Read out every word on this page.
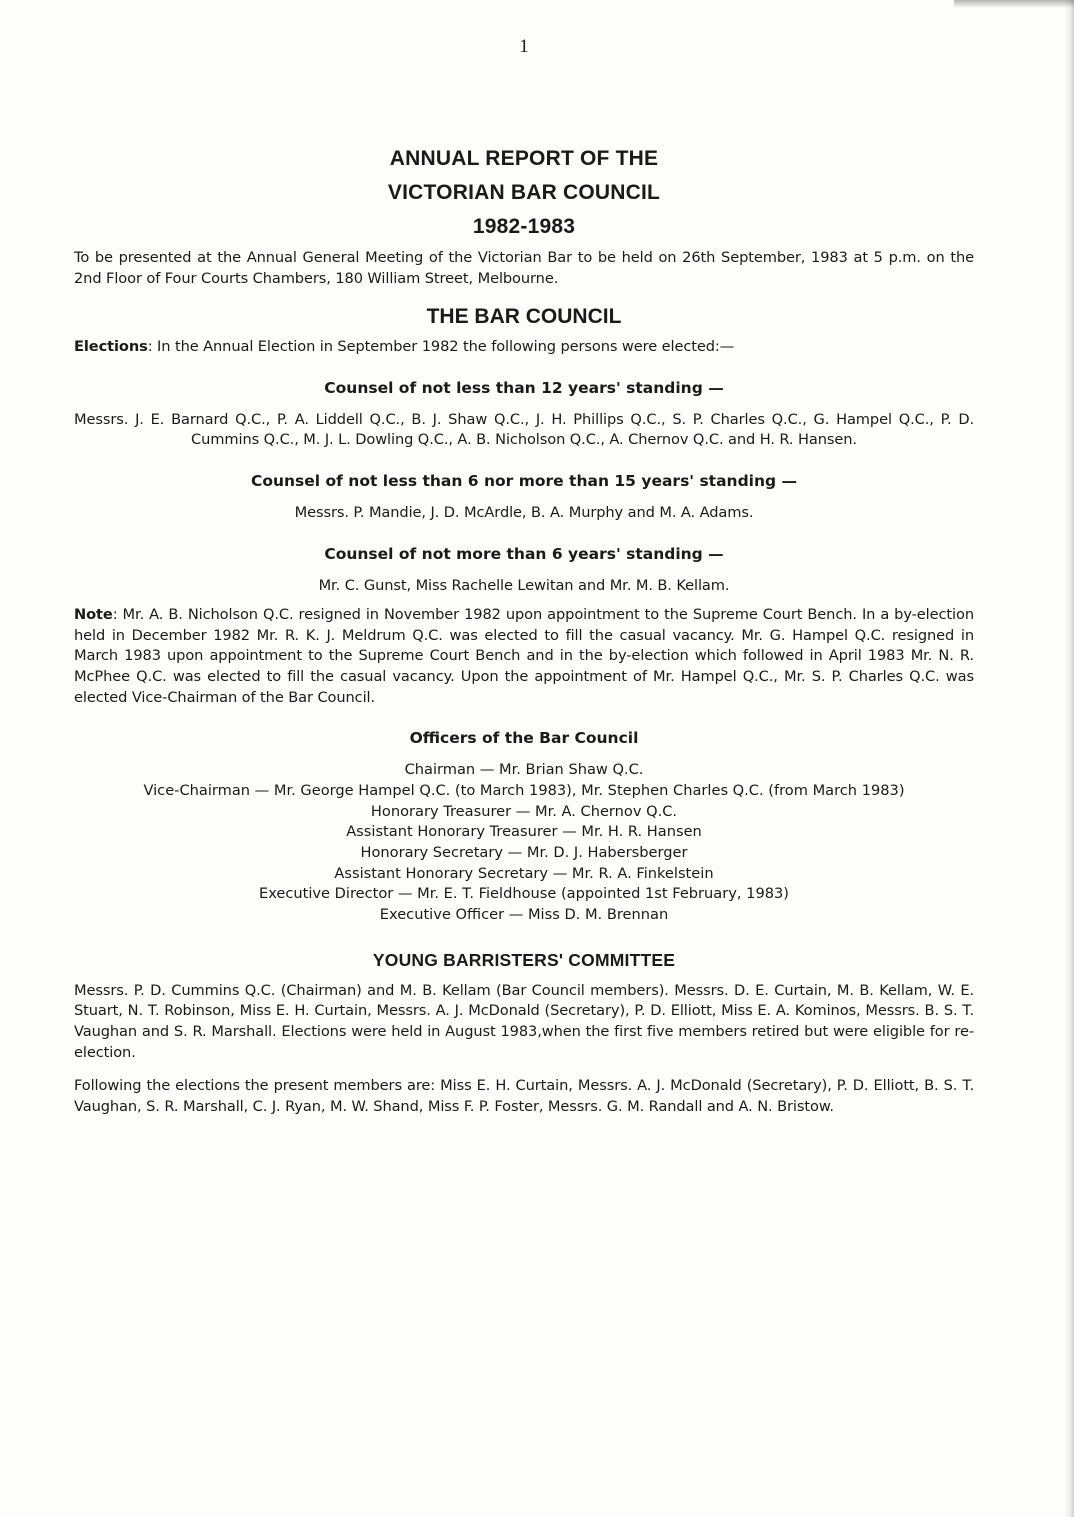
1
ANNUAL REPORT OF THE
VICTORIAN BAR COUNCIL
1982-1983

To be presented at the Annual General Meeting of the Victorian Bar to be held on 26th September, 1983 at 5 p.m. on the 2nd Floor of Four Courts Chambers, 180 William Street, Melbourne.

THE BAR COUNCIL

Elections: In the Annual Election in September 1982 the following persons were elected:—

Counsel of not less than 12 years' standing —

Messrs. J. E. Barnard Q.C., P. A. Liddell Q.C., B. J. Shaw Q.C., J. H. Phillips Q.C., S. P. Charles Q.C., G. Hampel Q.C., P. D. Cummins Q.C., M. J. L. Dowling Q.C., A. B. Nicholson Q.C., A. Chernov Q.C. and H. R. Hansen.

Counsel of not less than 6 nor more than 15 years' standing —

Messrs. P. Mandie, J. D. McArdle, B. A. Murphy and M. A. Adams.

Counsel of not more than 6 years' standing —

Mr. C. Gunst, Miss Rachelle Lewitan and Mr. M. B. Kellam.

Note: Mr. A. B. Nicholson Q.C. resigned in November 1982 upon appointment to the Supreme Court Bench. In a by-election held in December 1982 Mr. R. K. J. Meldrum Q.C. was elected to fill the casual vacancy. Mr. G. Hampel Q.C. resigned in March 1983 upon appointment to the Supreme Court Bench and in the by-election which followed in April 1983 Mr. N. R. McPhee Q.C. was elected to fill the casual vacancy. Upon the appointment of Mr. Hampel Q.C., Mr. S. P. Charles Q.C. was elected Vice-Chairman of the Bar Council.

Officers of the Bar Council
Chairman — Mr. Brian Shaw Q.C.
Vice-Chairman — Mr. George Hampel Q.C. (to March 1983), Mr. Stephen Charles Q.C. (from March 1983)
Honorary Treasurer — Mr. A. Chernov Q.C.
Assistant Honorary Treasurer — Mr. H. R. Hansen
Honorary Secretary — Mr. D. J. Habersberger
Assistant Honorary Secretary — Mr. R. A. Finkelstein
Executive Director — Mr. E. T. Fieldhouse (appointed 1st February, 1983)
Executive Officer — Miss D. M. Brennan
YOUNG BARRISTERS' COMMITTEE

Messrs. P. D. Cummins Q.C. (Chairman) and M. B. Kellam (Bar Council members). Messrs. D. E. Curtain, M. B. Kellam, W. E. Stuart, N. T. Robinson, Miss E. H. Curtain, Messrs. A. J. McDonald (Secretary), P. D. Elliott, Miss E. A. Kominos, Messrs. B. S. T. Vaughan and S. R. Marshall. Elections were held in August 1983,when the first five members retired but were eligible for re-election.

Following the elections the present members are: Miss E. H. Curtain, Messrs. A. J. McDonald (Secretary), P. D. Elliott, B. S. T. Vaughan, S. R. Marshall, C. J. Ryan, M. W. Shand, Miss F. P. Foster, Messrs. G. M. Randall and A. N. Bristow.
